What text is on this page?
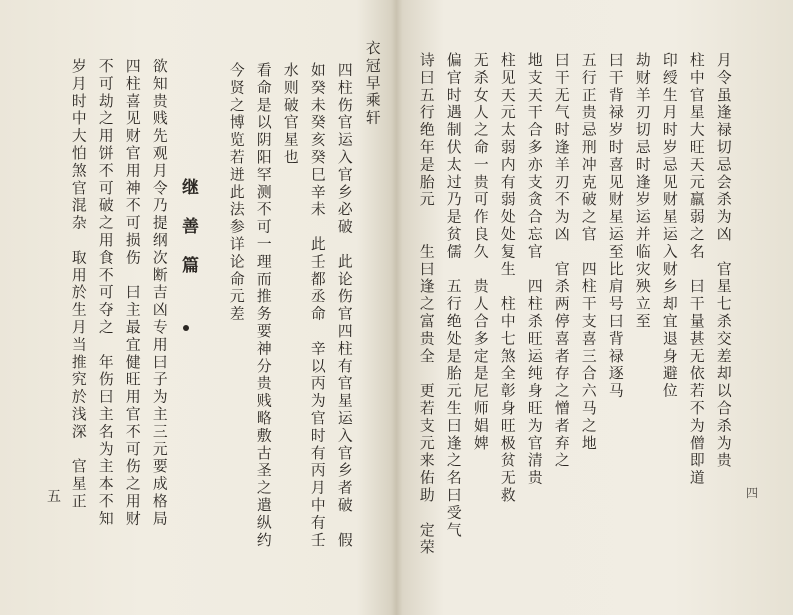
岁月时中大怕煞官混杂　取用於生月当推究於浅深　官星正 不可劫之用饼不可破之用食不可夺之　年伤曰主名为主本不知 四柱喜见财官用神不可损伤　曰主最宜健旺用官不可伤之用财 欲知贵贱先观月令乃提纲次断吉凶专用曰子为主三元要成格局 继善篇 今贤之博览若迸此法参详论命元差 看命是以阴阳罕测不可一理而推务要神分贵贱略敷古圣之遣纵约 水则破官星也 如癸未癸亥癸巳辛未　此壬都丞命　辛以丙为官时有丙月中有壬 四柱伤官运入官乡必破　此论伤官四柱有官星运入官乡者破　假 衣冠早乘轩
五	诗曰五行绝年是胎元　　生曰逢之富贵全　更若支元来佑助　定荣 偏官时遇制伏太过乃是贫儒　五行绝处是胎元生曰逢之名曰受气 无杀女人之命一贵可作良久　贵人合多定是尼师娼婢 柱见天元太弱内有弱处处复生　柱中七煞全彰身旺极贫无救 地支天干合多亦支贪合忘官　四柱杀旺运纯身旺为官清贵 曰干无气时逢羊刃不为凶　官杀两停喜者存之憎者弃之 五行正贵忌刑冲克破之官　四柱干支喜三合六马之地 曰干背禄岁时喜见财星运至比肩号曰背禄逐马 劫财羊刃切忌时逢岁运并临灾殃立至 印绶生月时岁忌见财星运入财乡却宜退身避位 柱中官星大旺天元羸弱之名　曰干量甚无依若不为僧即道 月令虽逢禄切忌会杀为凶　官星七杀交差却以合杀为贵
四
